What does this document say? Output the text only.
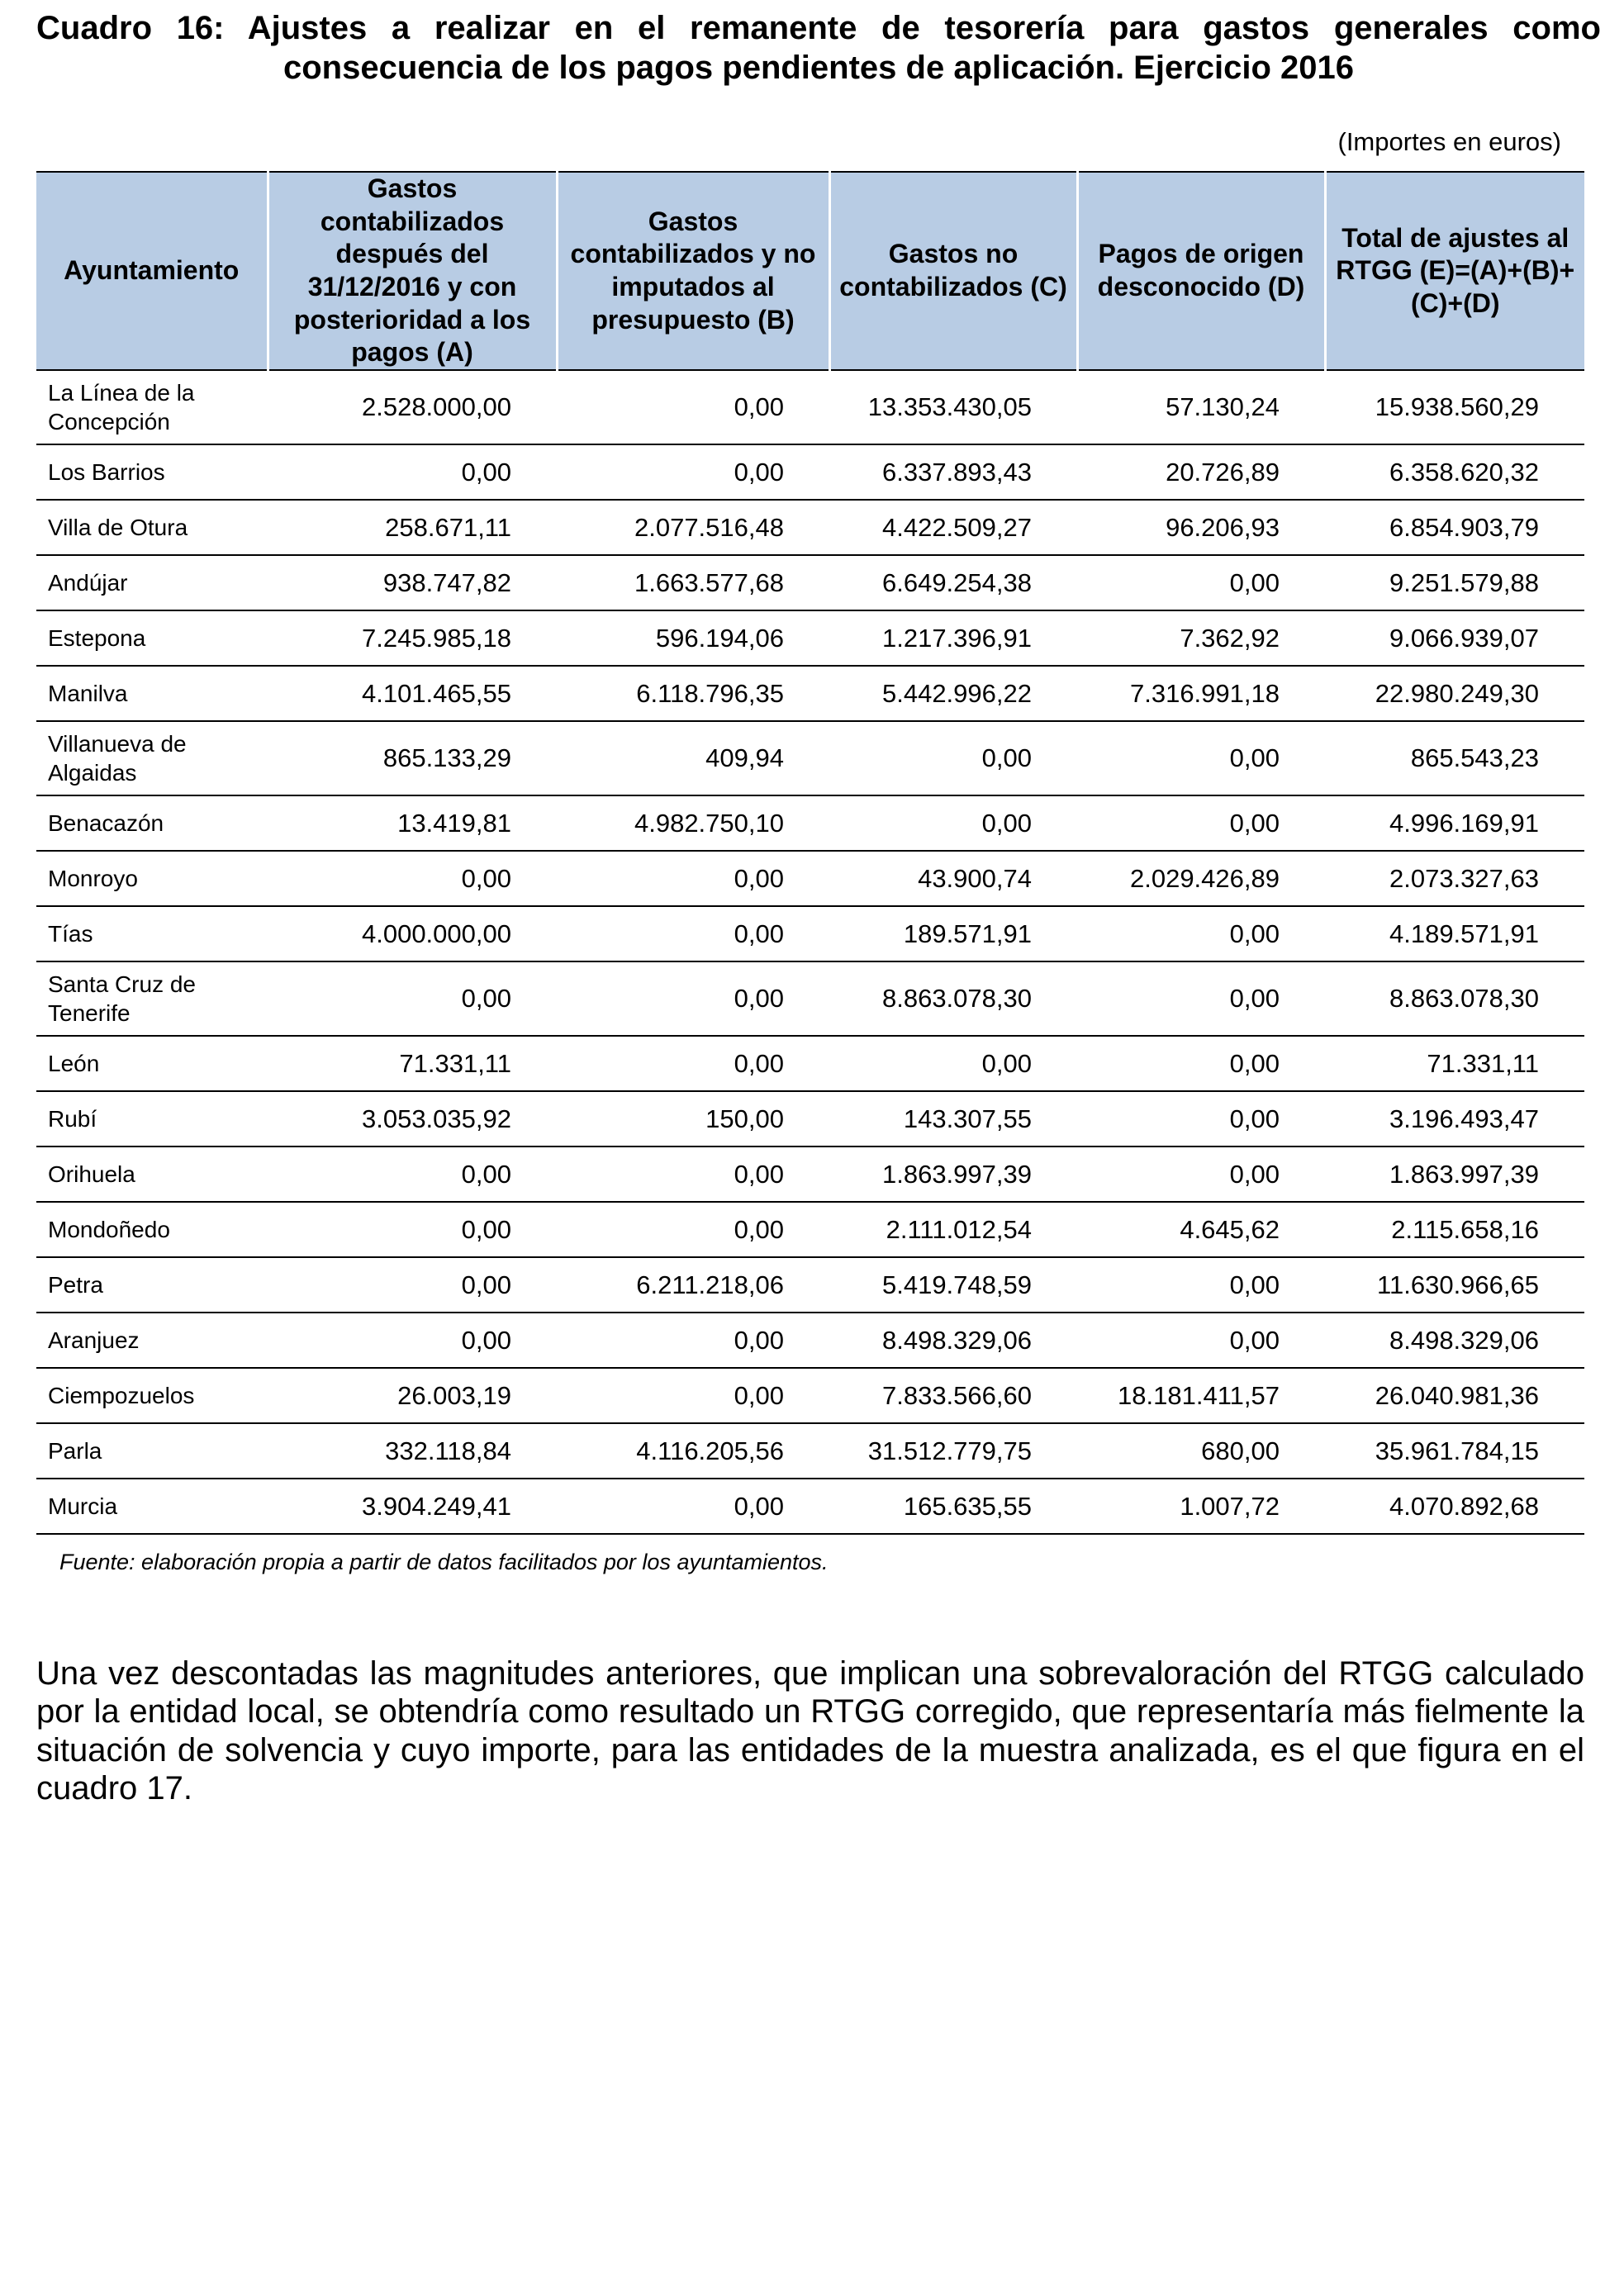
Cuadro 16: Ajustes a realizar en el remanente de tesorería para gastos generales como
consecuencia de los pagos pendientes de aplicación. Ejercicio 2016
(Importes en euros)
Ayuntamiento	Gastos contabilizados después del 31/12/2016 y con posterioridad a los pagos (A)	Gastos contabilizados y no imputados al presupuesto (B)	Gastos no contabilizados (C)	Pagos de origen desconocido (D)	Total de ajustes al RTGG (E)=(A)+(B)+ (C)+(D)
La Línea de la Concepción	2.528.000,00	0,00	13.353.430,05	57.130,24	15.938.560,29
Los Barrios	0,00	0,00	6.337.893,43	20.726,89	6.358.620,32
Villa de Otura	258.671,11	2.077.516,48	4.422.509,27	96.206,93	6.854.903,79
Andújar	938.747,82	1.663.577,68	6.649.254,38	0,00	9.251.579,88
Estepona	7.245.985,18	596.194,06	1.217.396,91	7.362,92	9.066.939,07
Manilva	4.101.465,55	6.118.796,35	5.442.996,22	7.316.991,18	22.980.249,30
Villanueva de Algaidas	865.133,29	409,94	0,00	0,00	865.543,23
Benacazón	13.419,81	4.982.750,10	0,00	0,00	4.996.169,91
Monroyo	0,00	0,00	43.900,74	2.029.426,89	2.073.327,63
Tías	4.000.000,00	0,00	189.571,91	0,00	4.189.571,91
Santa Cruz de Tenerife	0,00	0,00	8.863.078,30	0,00	8.863.078,30
León	71.331,11	0,00	0,00	0,00	71.331,11
Rubí	3.053.035,92	150,00	143.307,55	0,00	3.196.493,47
Orihuela	0,00	0,00	1.863.997,39	0,00	1.863.997,39
Mondoñedo	0,00	0,00	2.111.012,54	4.645,62	2.115.658,16
Petra	0,00	6.211.218,06	5.419.748,59	0,00	11.630.966,65
Aranjuez	0,00	0,00	8.498.329,06	0,00	8.498.329,06
Ciempozuelos	26.003,19	0,00	7.833.566,60	18.181.411,57	26.040.981,36
Parla	332.118,84	4.116.205,56	31.512.779,75	680,00	35.961.784,15
Murcia	3.904.249,41	0,00	165.635,55	1.007,72	4.070.892,68
Fuente: elaboración propia a partir de datos facilitados por los ayuntamientos.
Una vez descontadas las magnitudes anteriores, que implican una sobrevaloración del RTGG calculado por la entidad local, se obtendría como resultado un RTGG corregido, que representaría más fielmente la situación de solvencia y cuyo importe, para las entidades de la muestra analizada, es el que figura en el cuadro 17.
